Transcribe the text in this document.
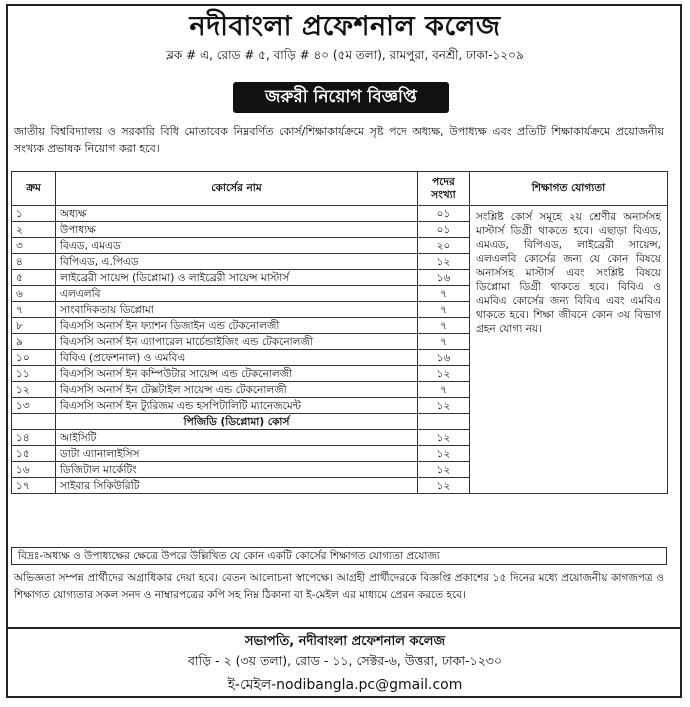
নদীবাংলা প্রফেশনাল কলেজ
ব্লক # এ, রোড # ৫, বাড়ি # ৪০ (৫ম তলা), রামপুরা, বনশ্রী, ঢাকা-১২০৯
জরুরী নিয়োগ বিজ্ঞপ্তি
জাতীয় বিশ্ববিদ্যালয় ও সরকারি বিধি মোতাবেক নিম্নবর্ণিত কোর্স/শিক্ষাকার্যক্রমে সৃষ্ট পদে অধ্যক্ষ, উপাধ্যক্ষ এবং প্রতিটি শিক্ষাকার্যক্রমে প্রয়োজনীয় সংখ্যক প্রভাষক নিয়োগ করা হবে।
ক্রম	কোর্সের নাম	পদের সংখ্যা	শিক্ষাগত যোগ্যতা
১	অধ্যক্ষ	০১	সংশ্লিষ্ট কোর্স সমূহে ২য় শ্রেণীর অনার্সসহ মাস্টার্স ডিগ্রী থাকতে হবে। এছাড়া বিএড, এমএড, বিপিএড, লাইব্রেরী সায়েন্স, এলএলবি কোর্সের জন্য যে কোন বিষয়ে অনার্সসহ মাস্টার্স এবং সংশ্লিষ্ট বিষয়ে ডিপ্লোমা ডিগ্রী থাকতে হবে। বিবিএ ও এমবিএ কোর্সের জন্য বিবিএ এবং এমবিএ থাকতে হবে। শিক্ষা জীবনে কোন ৩য় বিভাগ গ্রহন যোগ্য নয়।
২	উপাধ্যক্ষ	০১	
৩	বিএড, এমএড	২০	
৪	বিপিএড, এ.পিএড	১২	
৫	লাইব্রেরী সায়েন্স (ডিপ্লোমা) ও লাইব্রেরী সায়েন্স মাস্টার্স	১৬	
৬	এলএলবি	৭	
৭	সাংবাদিকতায় ডিপ্লোমা	৭	
৮	বিএসসি অনার্স ইন ফ্যাশন ডিজাইন এন্ড টেকনোলজী	৭	
৯	বিএসসি অনার্স ইন এ্যাপারেল মার্চেন্ডাইজিং এন্ড টেকনোলজী	৭	
১০	বিবিএ (প্রফেশনাল) ও এমবিএ	১৬	
১১	বিএসসি অনার্স ইন কম্পিউটার সায়েন্স এন্ড টেকনোলজী	১২	
১২	বিএসসি অনার্স ইন টেক্সটাইল সায়েন্স এন্ড টেকনোলজী	৭	
১৩	বিএসসি অনার্স ইন ট্যুরিজম এন্ড হসপিটালিটি ম্যানেজমেন্ট	১২	
	পিজিডি (ডিপ্লোমা) কোর্স		
১৪	আইসিটি	১২	
১৫	ডাটা এ্যানালাইসিস	১২	
১৬	ডিজিটাল মার্কেটিং	১২	
১৭	সাইবার সিকিউরিটি	১২	
বিদ্রঃ-অধ্যক্ষ ও উপাধ্যক্ষের ক্ষেত্রে উপরে উল্লিখিত যে কোন একটি কোর্সের শিক্ষাগত যোগ্যতা প্রযোজ্য
অভিজ্ঞতা সম্পন্ন প্রার্থীদের অগ্রাধিকার দেয়া হবে। বেতন আলোচনা স্বাপেক্ষে। আগ্রহী প্রার্থীদেরকে বিজ্ঞপ্তি প্রকাশের ১৫ দিনের মধ্যে প্রয়োজনীয় কাগজপত্র ও শিক্ষাগত যোগ্যতার সকল সনদ ও নাম্বারপত্রের কপি সহ নিম্ন ঠিকানা বা ই-মেইল এর মাধ্যমে প্রেরন করতে হবে।
সভাপতি, নদীবাংলা প্রফেশনাল কলেজ
বাড়ি - ২ (৩য় তলা), রোড - ১১, সেক্টর-৬, উত্তরা, ঢাকা-১২৩০
ই-মেইল-nodibangla.pc@gmail.com
